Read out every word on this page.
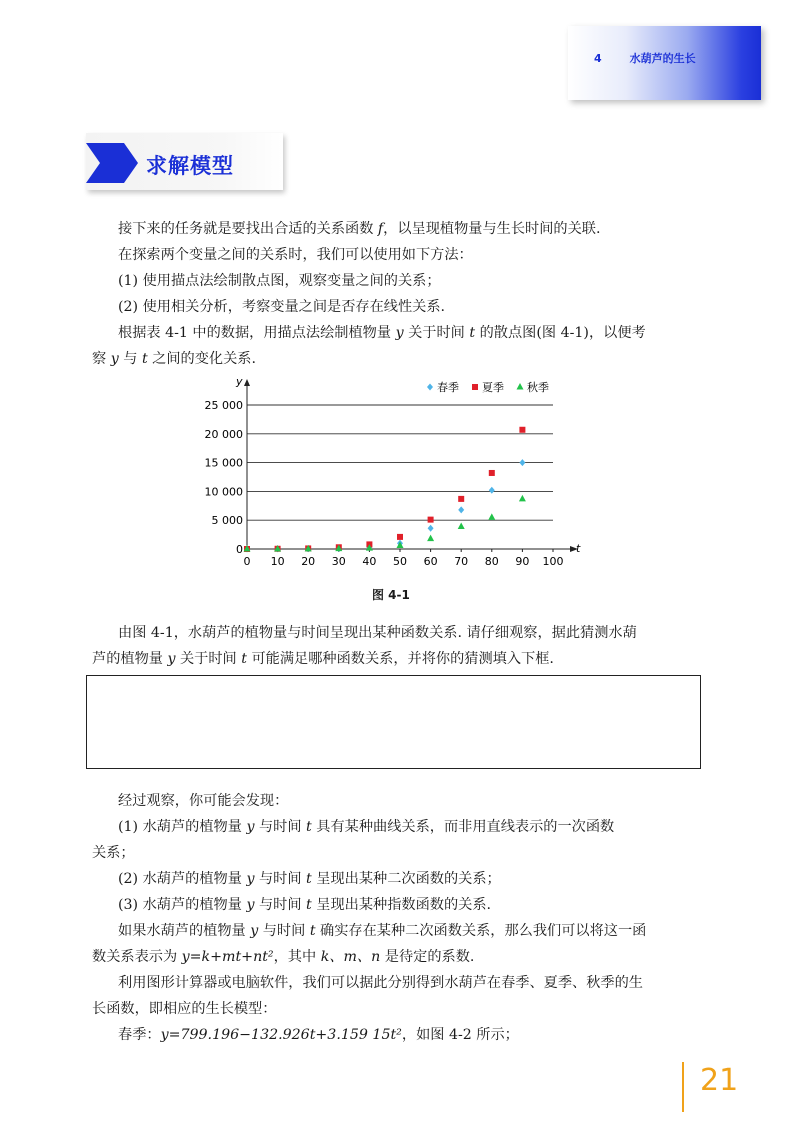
4	水葫芦的生长
求解模型
接下来的任务就是要找出合适的关系函数 f，以呈现植物量与生长时间的关联.
在探索两个变量之间的关系时，我们可以使用如下方法：
(1) 使用描点法绘制散点图，观察变量之间的关系；
(2) 使用相关分析，考察变量之间是否存在线性关系.
根据表 4-1 中的数据，用描点法绘制植物量 y 关于时间 t 的散点图(图 4-1)，以便考
察 y 与 t 之间的变化关系.
y
t
0
5 000
10 000
15 000
20 000
25 000
0 10 20 30 40 50 60 70 80 90 100
春季 夏季 秋季
图 4-1
由图 4-1，水葫芦的植物量与时间呈现出某种函数关系. 请仔细观察，据此猜测水葫
芦的植物量 y 关于时间 t 可能满足哪种函数关系，并将你的猜测填入下框.
经过观察，你可能会发现：
(1) 水葫芦的植物量 y 与时间 t 具有某种曲线关系，而非用直线表示的一次函数
关系；
(2) 水葫芦的植物量 y 与时间 t 呈现出某种二次函数的关系；
(3) 水葫芦的植物量 y 与时间 t 呈现出某种指数函数的关系.
如果水葫芦的植物量 y 与时间 t 确实存在某种二次函数关系，那么我们可以将这一函
数关系表示为 y=k+mt+nt²，其中 k、m、n 是待定的系数.
利用图形计算器或电脑软件，我们可以据此分别得到水葫芦在春季、夏季、秋季的生
长函数，即相应的生长模型：
春季：y=799.196−132.926t+3.159 15t²，如图 4-2 所示；
21
